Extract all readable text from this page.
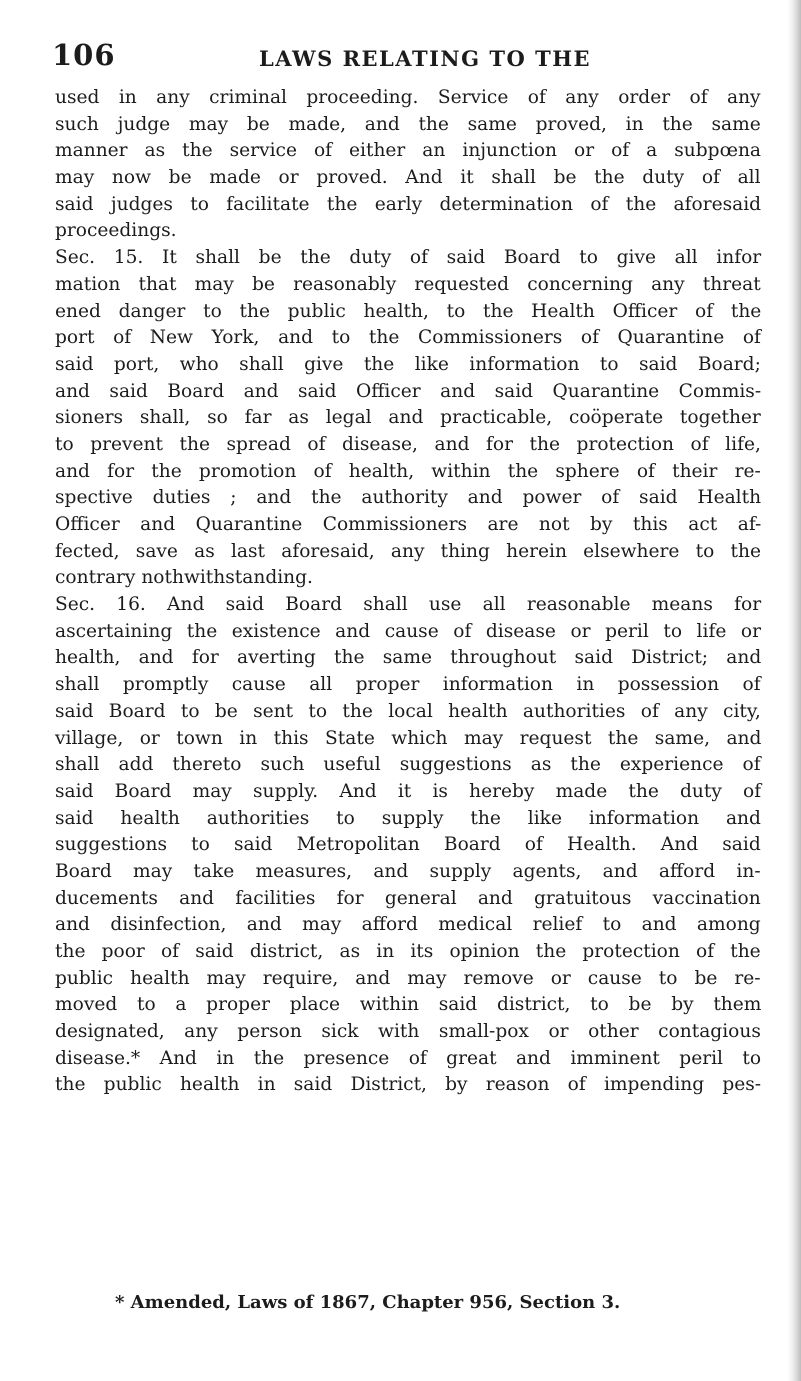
106	LAWS RELATING TO THE
used in any criminal proceeding. Service of any order of any
such judge may be made, and the same proved, in the same
manner as the service of either an injunction or of a subpœna
may now be made or proved. And it shall be the duty of all
said judges to facilitate the early determination of the aforesaid
proceedings.
Sec. 15. It shall be the duty of said Board to give all infor
mation that may be reasonably requested concerning any threat
ened danger to the public health, to the Health Officer of the
port of New York, and to the Commissioners of Quarantine of
said port, who shall give the like information to said Board;
and said Board and said Officer and said Quarantine Commis-
sioners shall, so far as legal and practicable, coöperate together
to prevent the spread of disease, and for the protection of life,
and for the promotion of health, within the sphere of their re-
spective duties ; and the authority and power of said Health
Officer and Quarantine Commissioners are not by this act af-
fected, save as last aforesaid, any thing herein elsewhere to the
contrary nothwithstanding.
Sec. 16. And said Board shall use all reasonable means for
ascertaining the existence and cause of disease or peril to life or
health, and for averting the same throughout said District; and
shall promptly cause all proper information in possession of
said Board to be sent to the local health authorities of any city,
village, or town in this State which may request the same, and
shall add thereto such useful suggestions as the experience of
said Board may supply. And it is hereby made the duty of
said health authorities to supply the like information and
suggestions to said Metropolitan Board of Health. And said
Board may take measures, and supply agents, and afford in-
ducements and facilities for general and gratuitous vaccination
and disinfection, and may afford medical relief to and among
the poor of said district, as in its opinion the protection of the
public health may require, and may remove or cause to be re-
moved to a proper place within said district, to be by them
designated, any person sick with small-pox or other contagious
disease.* And in the presence of great and imminent peril to
the public health in said District, by reason of impending pes-
* Amended, Laws of 1867, Chapter 956, Section 3.
